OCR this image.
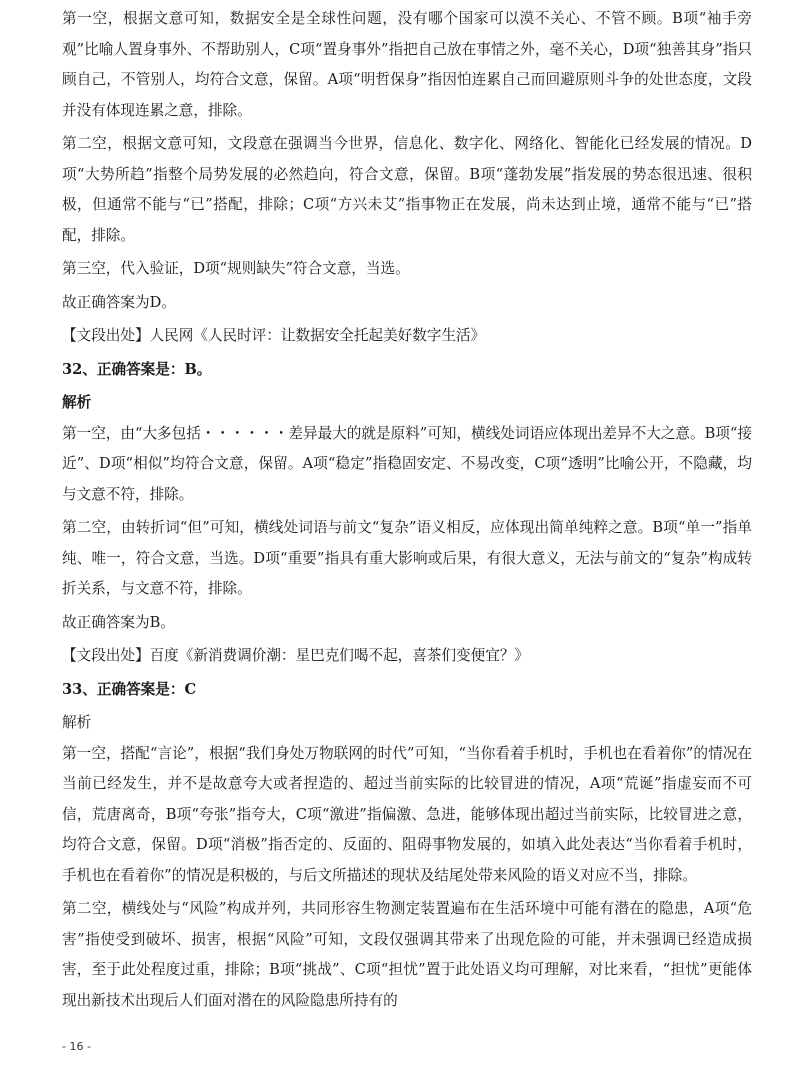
第一空，根据文意可知，数据安全是全球性问题，没有哪个国家可以漠不关心、不管不顾。B项“袖手旁观”比喻人置身事外、不帮助别人，C项“置身事外”指把自己放在事情之外，毫不关心，D项“独善其身”指只顾自己，不管别人，均符合文意，保留。A项“明哲保身”指因怕连累自己而回避原则斗争的处世态度，文段并没有体现连累之意，排除。

第二空，根据文意可知，文段意在强调当今世界，信息化、数字化、网络化、智能化已经发展的情况。D项“大势所趋”指整个局势发展的必然趋向，符合文意，保留。B项“蓬勃发展”指发展的势态很迅速、很积极，但通常不能与“已”搭配，排除；C项“方兴未艾”指事物正在发展，尚未达到止境，通常不能与“已”搭配，排除。

第三空，代入验证，D项“规则缺失”符合文意，当选。

故正确答案为D。

【文段出处】人民网《人民时评：让数据安全托起美好数字生活》

32、正确答案是：B。

解析

第一空，由“大多包括・・・・・・差异最大的就是原料”可知，横线处词语应体现出差异不大之意。B项“接近”、D项“相似”均符合文意，保留。A项“稳定”指稳固安定、不易改变，C项“透明”比喻公开，不隐藏，均与文意不符，排除。

第二空，由转折词“但”可知，横线处词语与前文“复杂”语义相反，应体现出简单纯粹之意。B项“单一”指单纯、唯一，符合文意，当选。D项“重要”指具有重大影响或后果，有很大意义，无法与前文的“复杂”构成转折关系，与文意不符，排除。

故正确答案为B。

【文段出处】百度《新消费调价潮：星巴克们喝不起，喜茶们变便宜？》

33、正确答案是：C

解析

第一空，搭配“言论”，根据“我们身处万物联网的时代”可知，“当你看着手机时，手机也在看着你”的情况在当前已经发生，并不是故意夸大或者捏造的、超过当前实际的比较冒进的情况，A项“荒诞”指虚妄而不可信，荒唐离奇，B项“夸张”指夸大，C项“激进”指偏激、急进，能够体现出超过当前实际，比较冒进之意，均符合文意，保留。D项“消极”指否定的、反面的、阻碍事物发展的，如填入此处表达“当你看着手机时，手机也在看着你”的情况是积极的，与后文所描述的现状及结尾处带来风险的语义对应不当，排除。

第二空，横线处与“风险”构成并列，共同形容生物测定装置遍布在生活环境中可能有潜在的隐患，A项“危害”指使受到破坏、损害，根据“风险”可知，文段仅强调其带来了出现危险的可能，并未强调已经造成损害，至于此处程度过重，排除；B项“挑战”、C项“担忧”置于此处语义均可理解，对比来看，“担忧”更能体现出新技术出现后人们面对潜在的风险隐患所持有的

- 16 -
